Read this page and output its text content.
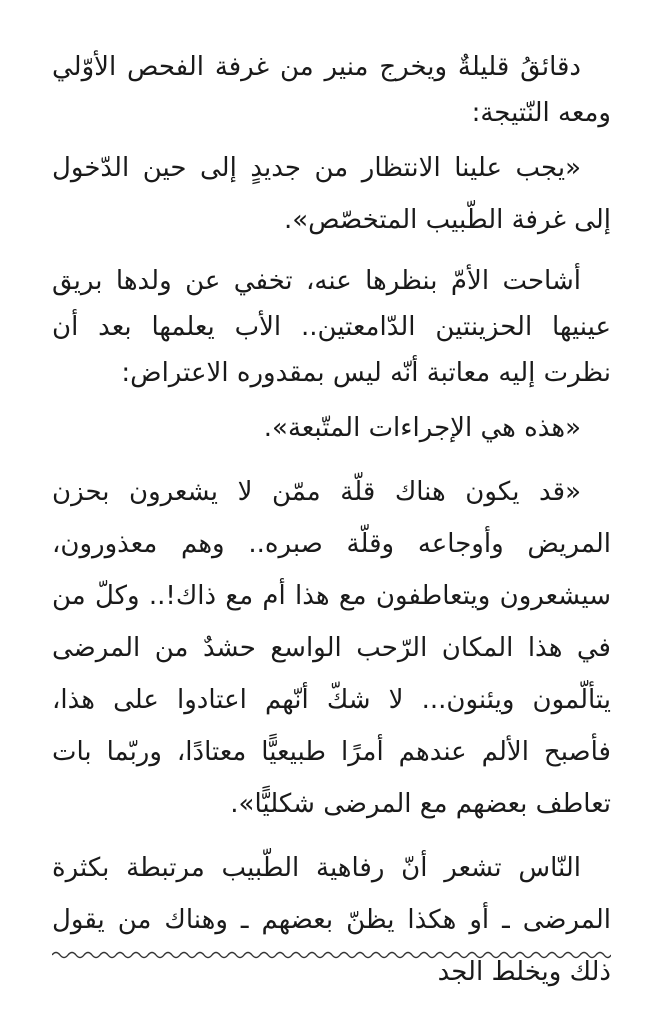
دقائقُ قليلةٌ ويخرج منير من غرفة الفحص الأوّلي ومعه النّتيجة:

«يجب علينا الانتظار من جديدٍ إلى حين الدّخول إلى غرفة الطّبيب المتخصّص».

أشاحت الأمّ بنظرها عنه، تخفي عن ولدها بريق عينيها الحزينتين الدّامعتين.. الأب يعلمها بعد أن نظرت إليه معاتبة أنّه ليس بمقدوره الاعتراض:

«هذه هي الإجراءات المتّبعة».

«قد يكون هناك قلّة ممّن لا يشعرون بحزن المريض وأوجاعه وقلّة صبره.. وهم معذورون، سيشعرون ويتعاطفون مع هذا أم مع ذاك!.. وكلّ من في هذا المكان الرّحب الواسع حشدٌ من المرضى يتألّمون ويئنون... لا شكّ أنّهم اعتادوا على هذا، فأصبح الألم عندهم أمرًا طبيعيًّا معتادًا، وربّما بات تعاطف بعضهم مع المرضى شكليًّا».

النّاس تشعر أنّ رفاهية الطّبيب مرتبطة بكثرة المرضى ـ أو هكذا يظنّ بعضهم ـ وهناك من يقول ذلك ويخلط الجد
